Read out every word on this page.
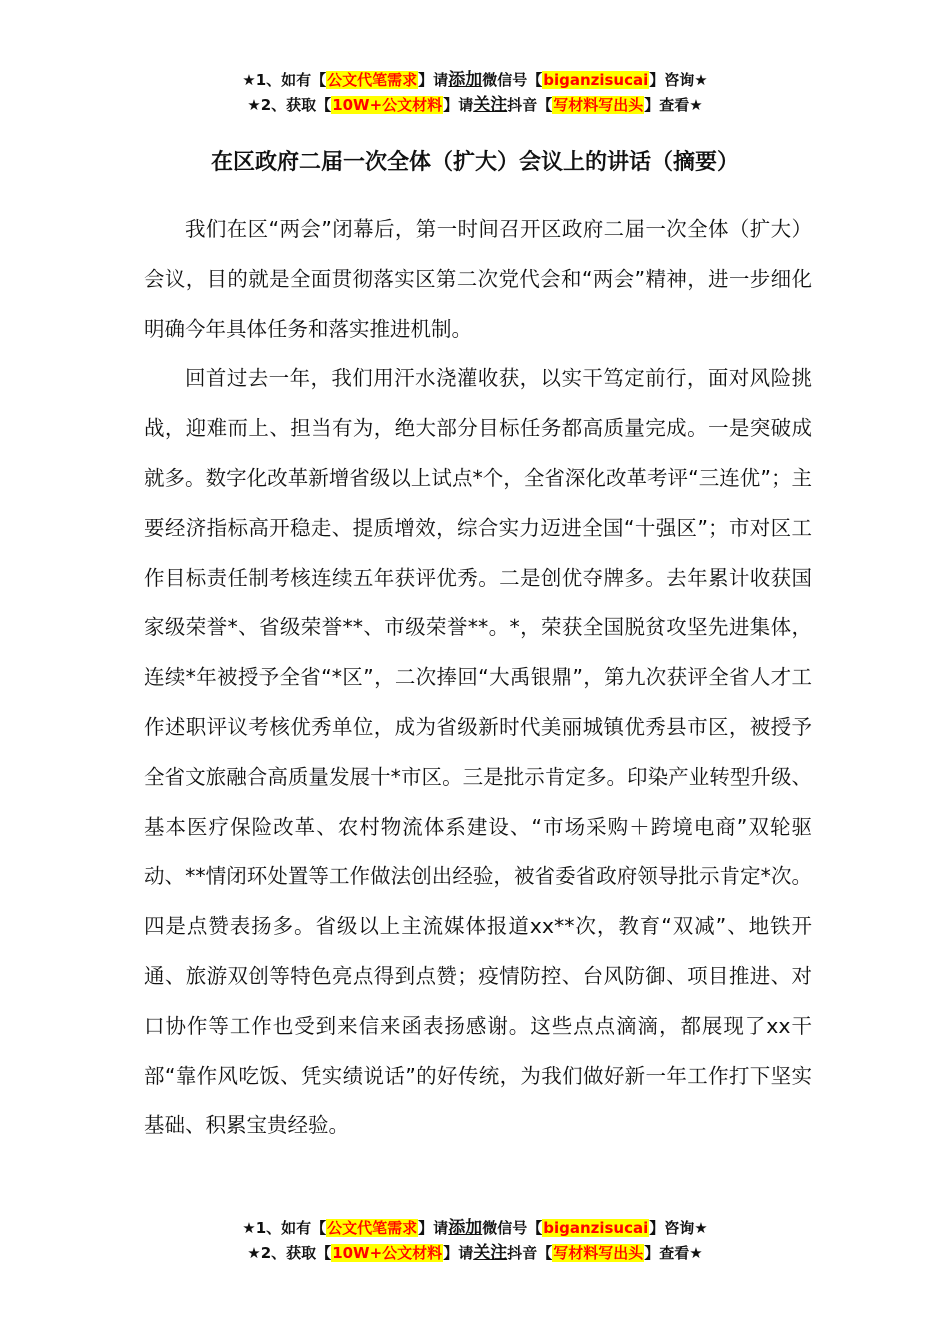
★1、如有【公文代笔需求】请添加微信号【biganzisucai】咨询★
★2、获取【10W+公文材料】请关注抖音【写材料写出头】查看★
在区政府二届一次全体（扩大）会议上的讲话（摘要）

我们在区“两会”闭幕后，第一时间召开区政府二届一次全体（扩大）会议，目的就是全面贯彻落实区第二次党代会和“两会”精神，进一步细化明确今年具体任务和落实推进机制。

回首过去一年，我们用汗水浇灌收获，以实干笃定前行，面对风险挑战，迎难而上、担当有为，绝大部分目标任务都高质量完成。一是突破成就多。数字化改革新增省级以上试点*个，全省深化改革考评“三连优”；主要经济指标高开稳走、提质增效，综合实力迈进全国“十强区”；市对区工作目标责任制考核连续五年获评优秀。二是创优夺牌多。去年累计收获国家级荣誉*、省级荣誉**、市级荣誉**。*，荣获全国脱贫攻坚先进集体，连续*年被授予全省“*区”，二次捧回“大禹银鼎”，第九次获评全省人才工作述职评议考核优秀单位，成为省级新时代美丽城镇优秀县市区，被授予全省文旅融合高质量发展十*市区。三是批示肯定多。印染产业转型升级、基本医疗保险改革、农村物流体系建设、“市场采购＋跨境电商”双轮驱动、**情闭环处置等工作做法创出经验，被省委省政府领导批示肯定*次。四是点赞表扬多。省级以上主流媒体报道xx**次，教育“双减”、地铁开通、旅游双创等特色亮点得到点赞；疫情防控、台风防御、项目推进、对口协作等工作也受到来信来函表扬感谢。这些点点滴滴，都展现了xx干部“靠作风吃饭、凭实绩说话”的好传统，为我们做好新一年工作打下坚实基础、积累宝贵经验。

★1、如有【公文代笔需求】请添加微信号【biganzisucai】咨询★
★2、获取【10W+公文材料】请关注抖音【写材料写出头】查看★
